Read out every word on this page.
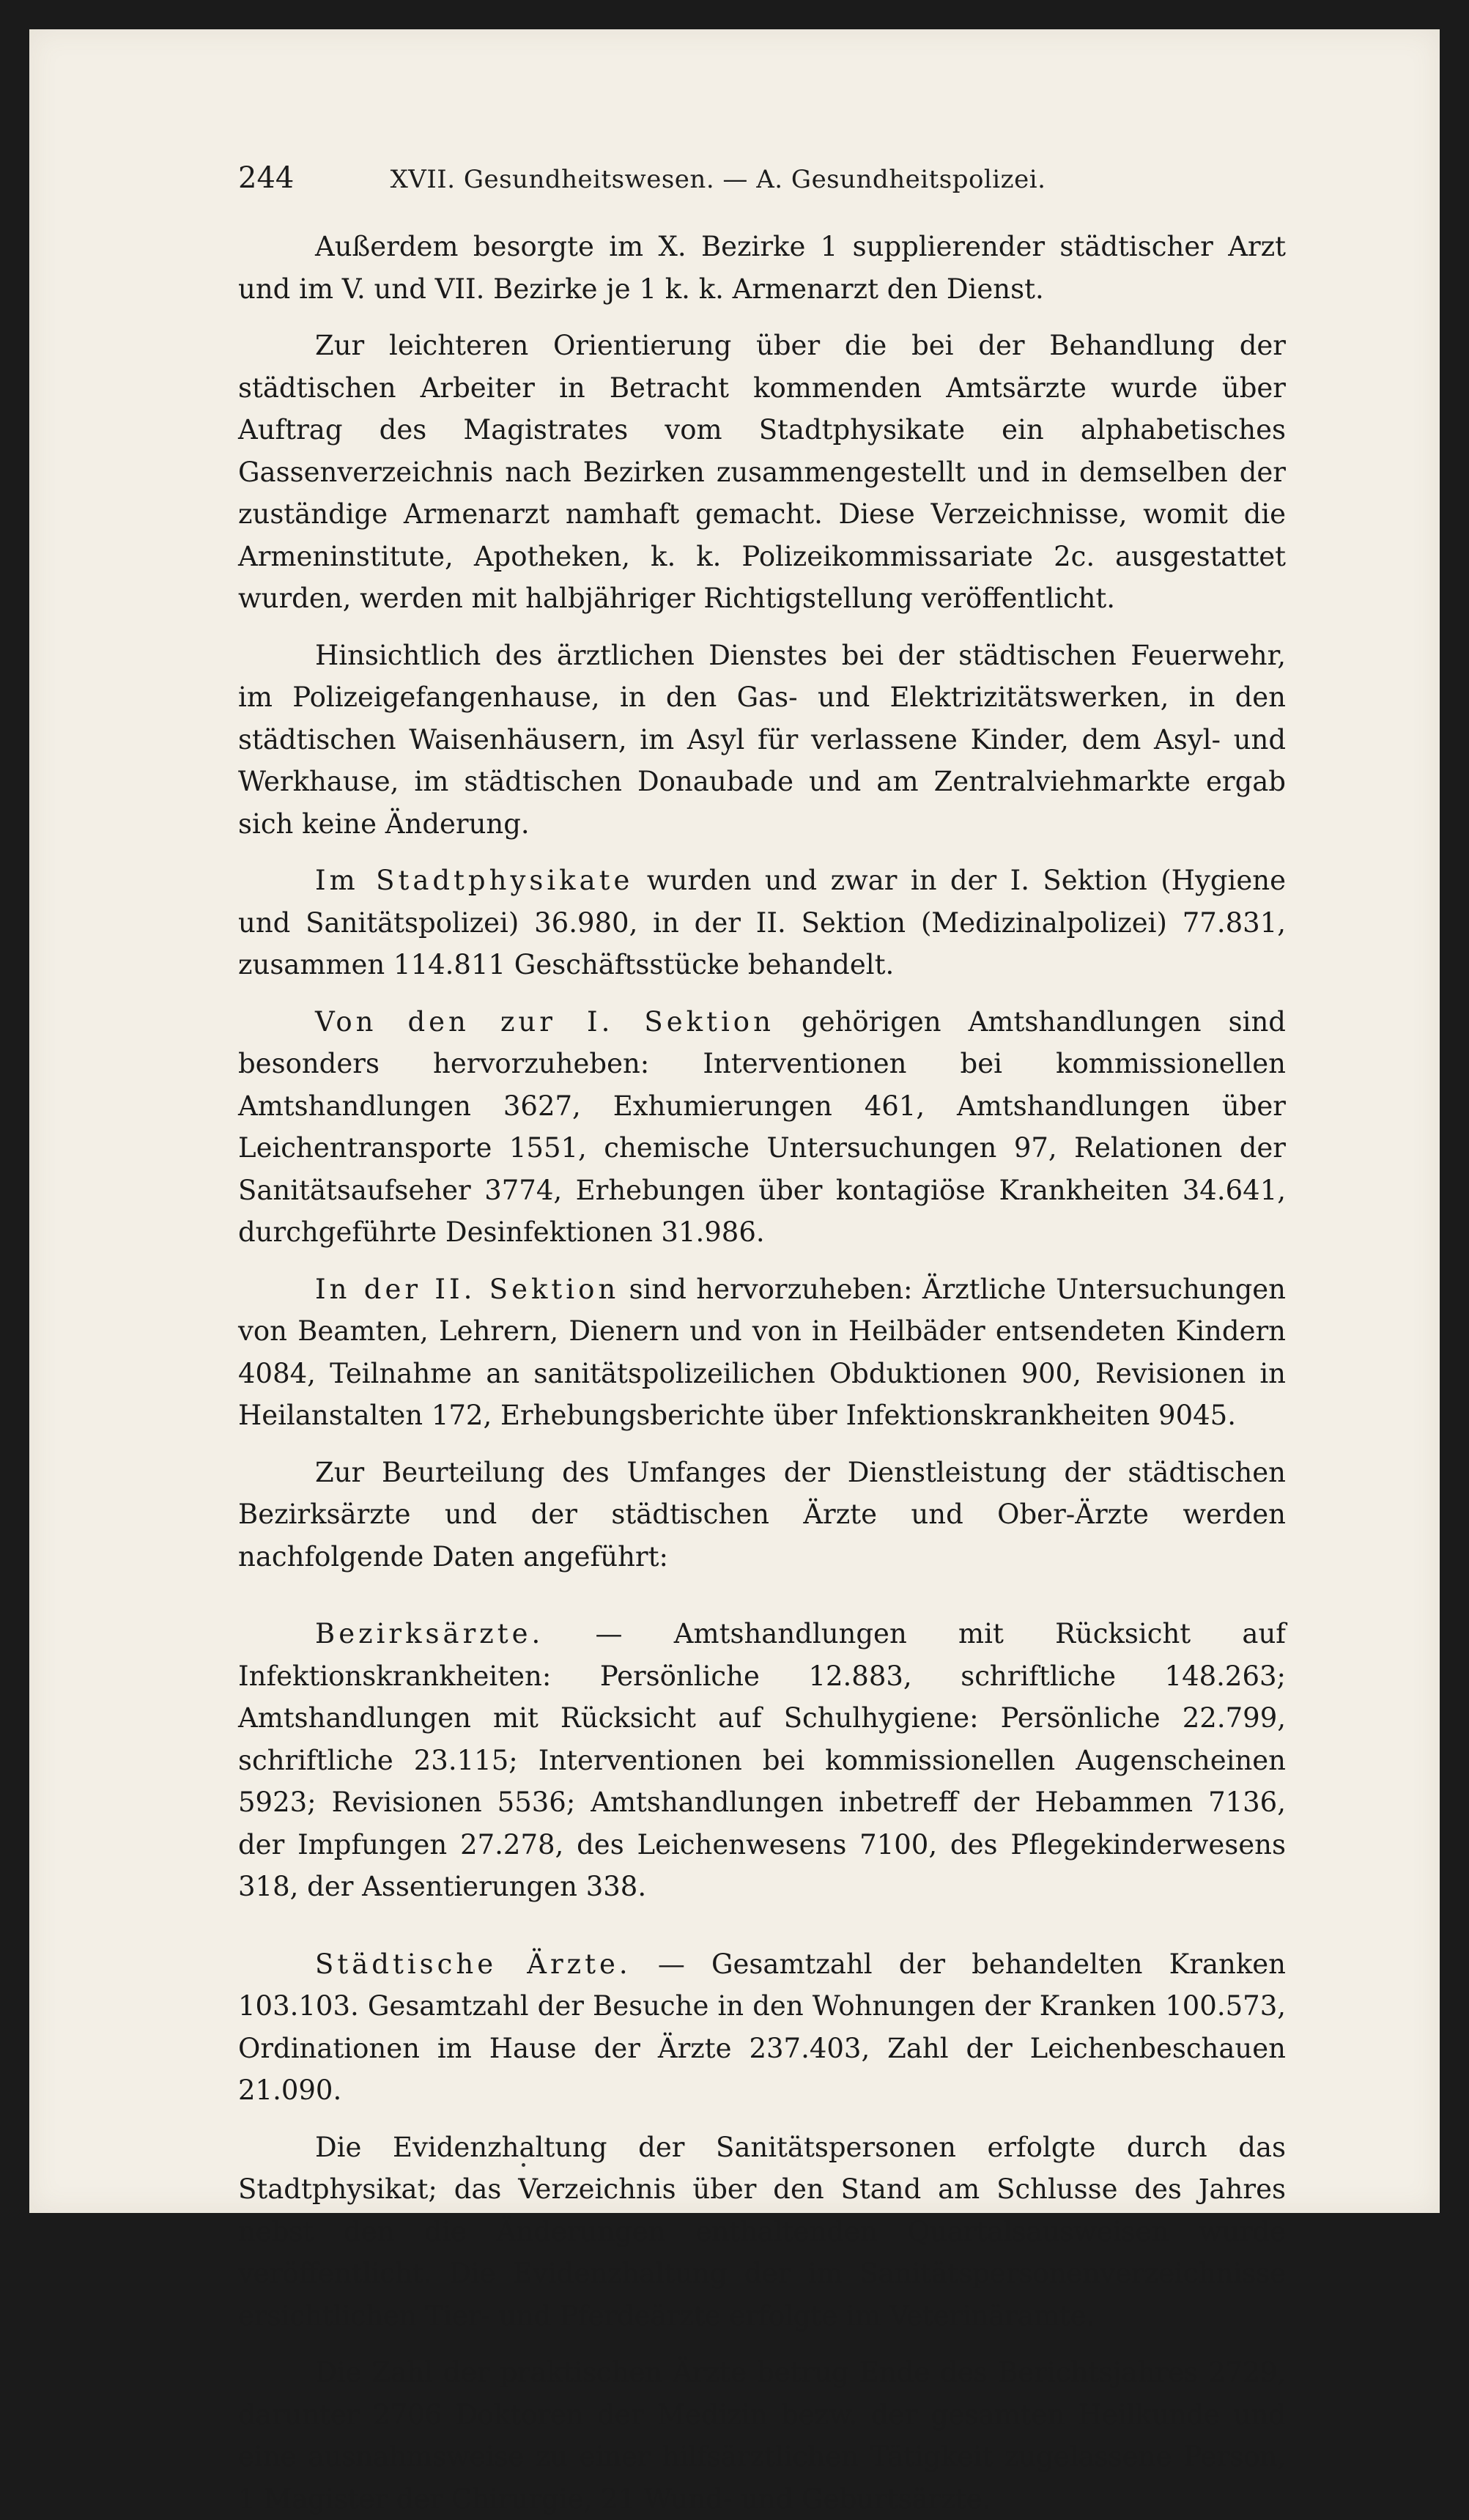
244	XVII. Gesundheitswesen. — A. Gesundheitspolizei.

Außerdem besorgte im X. Bezirke 1 supplierender städtischer Arzt und im V. und VII. Bezirke je 1 k. k. Armenarzt den Dienst.

Zur leichteren Orientierung über die bei der Behandlung der städtischen Arbeiter in Betracht kommenden Amtsärzte wurde über Auftrag des Magistrates vom Stadtphysikate ein alphabetisches Gassenverzeichnis nach Bezirken zusammengestellt und in demselben der zuständige Armenarzt namhaft gemacht. Diese Verzeichnisse, womit die Armeninstitute, Apotheken, k. k. Polizeikommissariate 2c. ausgestattet wurden, werden mit halbjähriger Richtigstellung veröffentlicht.

Hinsichtlich des ärztlichen Dienstes bei der städtischen Feuerwehr, im Polizeigefangenhause, in den Gas- und Elektrizitätswerken, in den städtischen Waisenhäusern, im Asyl für verlassene Kinder, dem Asyl- und Werkhause, im städtischen Donaubade und am Zentralviehmarkte ergab sich keine Änderung.

Im Stadtphysikate wurden und zwar in der I. Sektion (Hygiene und Sanitätspolizei) 36.980, in der II. Sektion (Medizinalpolizei) 77.831, zusammen 114.811 Geschäftsstücke behandelt.

Von den zur I. Sektion gehörigen Amtshandlungen sind besonders hervorzuheben: Interventionen bei kommissionellen Amtshandlungen 3627, Exhumierungen 461, Amtshandlungen über Leichentransporte 1551, chemische Untersuchungen 97, Relationen der Sanitätsaufseher 3774, Erhebungen über kontagiöse Krankheiten 34.641, durchgeführte Desinfektionen 31.986.

In der II. Sektion sind hervorzuheben: Ärztliche Untersuchungen von Beamten, Lehrern, Dienern und von in Heilbäder entsendeten Kindern 4084, Teilnahme an sanitätspolizeilichen Obduktionen 900, Revisionen in Heilanstalten 172, Erhebungsberichte über Infektionskrankheiten 9045.

Zur Beurteilung des Umfanges der Dienstleistung der städtischen Bezirksärzte und der städtischen Ärzte und Ober-Ärzte werden nachfolgende Daten angeführt:

Bezirksärzte. — Amtshandlungen mit Rücksicht auf Infektionskrankheiten: Persönliche 12.883, schriftliche 148.263; Amtshandlungen mit Rücksicht auf Schulhygiene: Persönliche 22.799, schriftliche 23.115; Interventionen bei kommissionellen Augenscheinen 5923; Revisionen 5536; Amtshandlungen inbetreff der Hebammen 7136, der Impfungen 27.278, des Leichenwesens 7100, des Pflegekinderwesens 318, der Assentierungen 338.

Städtische Ärzte. — Gesamtzahl der behandelten Kranken 103.103. Gesamtzahl der Besuche in den Wohnungen der Kranken 100.573, Ordinationen im Hause der Ärzte 237.403, Zahl der Leichenbeschauen 21.090.

Die Evidenzhaltung der Sanitätspersonen erfolgte durch das Stadtphysikat; das Verzeichnis über den Stand am Schlusse des Jahres nebst den die Änderungen enthaltenden Quartalsausweisen wurde veröffentlicht. Die Evidenzhaltung der im Sanitätspersonenverzeichnisse ersichtlichen Tier- und Pferdeärzte erfolgte im Veterinäramte.

Die Zahl der praktischen Ärzte betrug Ende des Berichtsjahres 2729, darunter 2706 Doktoren der Medizin bezw. der gesamten Heilkunde und eine ausnahmsweise zu einer hilfsärztlichen Tätigkeit zugelassene Person, 1 Magister der Chirurgie, 21 Wund- und Geburtsärzte.
